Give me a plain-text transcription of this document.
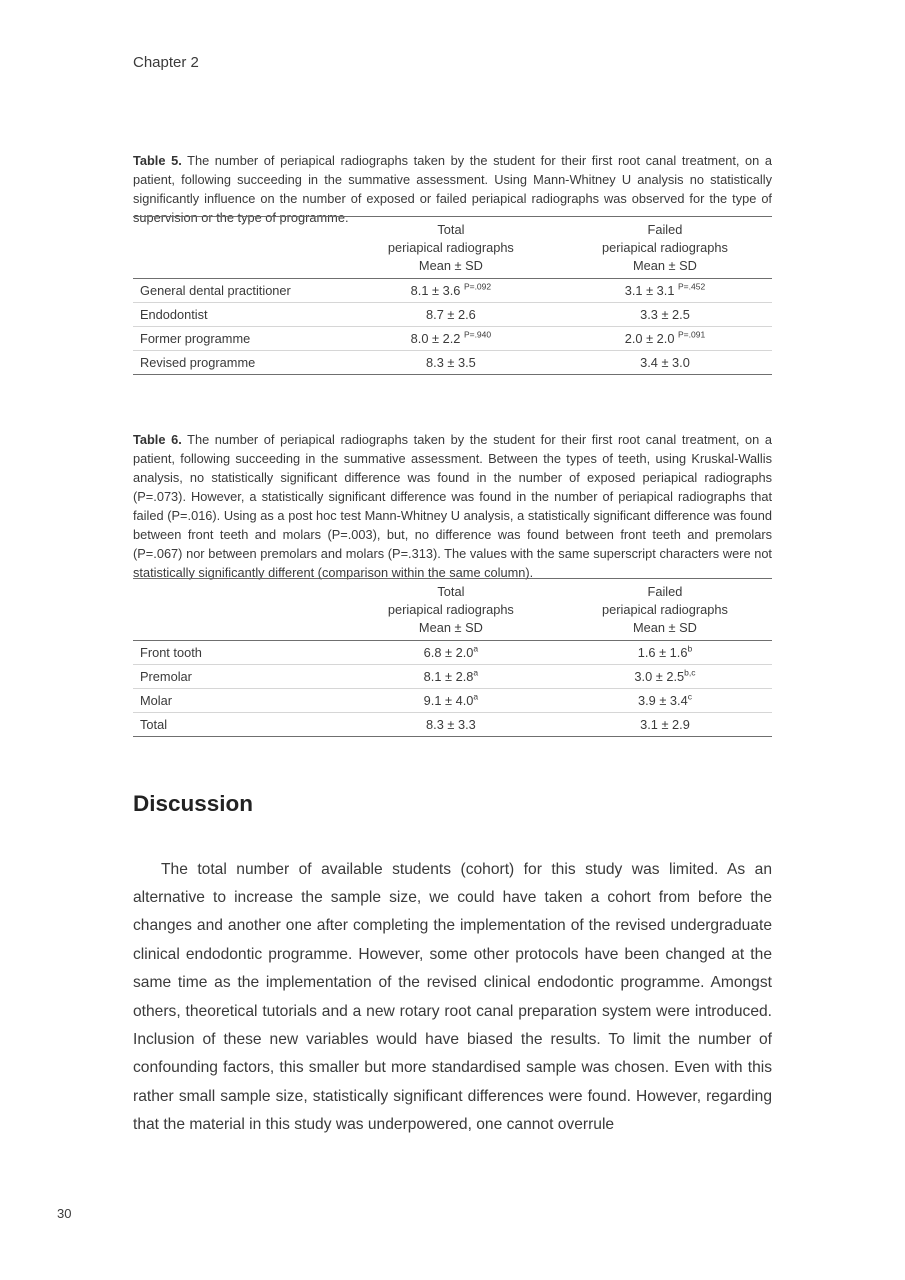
Chapter 2

Table 5. The number of periapical radiographs taken by the student for their first root canal treatment, on a patient, following succeeding in the summative assessment. Using Mann-Whitney U analysis no statistically significantly influence on the number of exposed or failed periapical radiographs was observed for the type of supervision or the type of programme.

Total
periapical radiographs
Mean ± SD

Failed
periapical radiographs
Mean ± SD

General dental practitioner	8.1 ± 3.6 $^{P=.092}$	3.1 ± 3.1 $^{P=.452}$
Endodontist	8.7 ± 2.6	3.3 ± 2.5
Former programme	8.0 ± 2.2 $^{P=.940}$	2.0 ± 2.0 $^{P=.091}$
Revised programme	8.3 ± 3.5	3.4 ± 3.0

Table 6. The number of periapical radiographs taken by the student for their first root canal treatment, on a patient, following succeeding in the summative assessment. Between the types of teeth, using Kruskal-Wallis analysis, no statistically significant difference was found in the number of exposed periapical radiographs (P=.073). However, a statistically significant difference was found in the number of periapical radiographs that failed (P=.016). Using as a post hoc test Mann-Whitney U analysis, a statistically significant difference was found between front teeth and molars (P=.003), but, no difference was found between front teeth and premolars (P=.067) nor between premolars and molars (P=.313). The values with the same superscript characters were not statistically significantly different (comparison within the same column).

Total
periapical radiographs
Mean ± SD

Failed
periapical radiographs
Mean ± SD

Front tooth	6.8 ± 2.0$^a$	1.6 ± 1.6$^b$
Premolar	8.1 ± 2.8$^a$	$3.0 \pm 2.5^{b,c}$
Molar	9.1 ± 4.0$^a$	3.9 ± 3.4$^c$
Total	8.3 ± 3.3	3.1 ± 2.9
Discussion

The total number of available students (cohort) for this study was limited. As an alternative to increase the sample size, we could have taken a cohort from before the changes and another one after completing the implementation of the revised undergraduate clinical endodontic programme. However, some other protocols have been changed at the same time as the implementation of the revised clinical endodontic programme. Amongst others, theoretical tutorials and a new rotary root canal preparation system were introduced. Inclusion of these new variables would have biased the results. To limit the number of confounding factors, this smaller but more standardised sample was chosen. Even with this rather small sample size, statistically significant differences were found. However, regarding that the material in this study was underpowered, one cannot overrule

30
